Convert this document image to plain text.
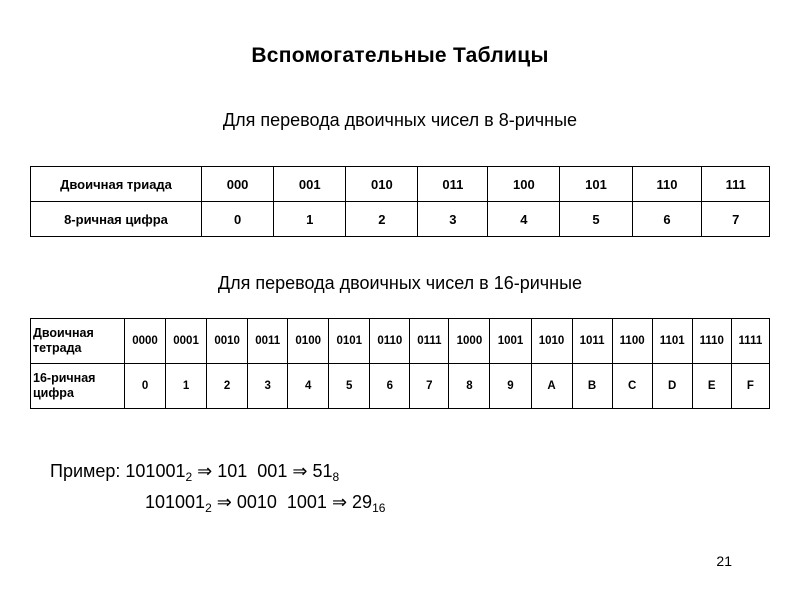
Вспомогательные Таблицы
Для перевода двоичных чисел в 8-ричные
Двоичная триада	000	001	010	011	100	101	110	111
8-ричная цифра	0	1	2	3	4	5	6	7
Для перевода двоичных чисел в 16-ричные
Двоичная тетрада	0000	0001	0010	0011	0100	0101	0110	0111	1000	1001	1010	1011	1100	1101	1110	1111
16-ричная цифра	0	1	2	3	4	5	6	7	8	9	A	B	C	D	E	F
Пример: $101001_2$ ⇒ 101  001 ⇒ $51_8$
$101001_2$ ⇒ 0010  1001 ⇒ $29_{16}$
21
